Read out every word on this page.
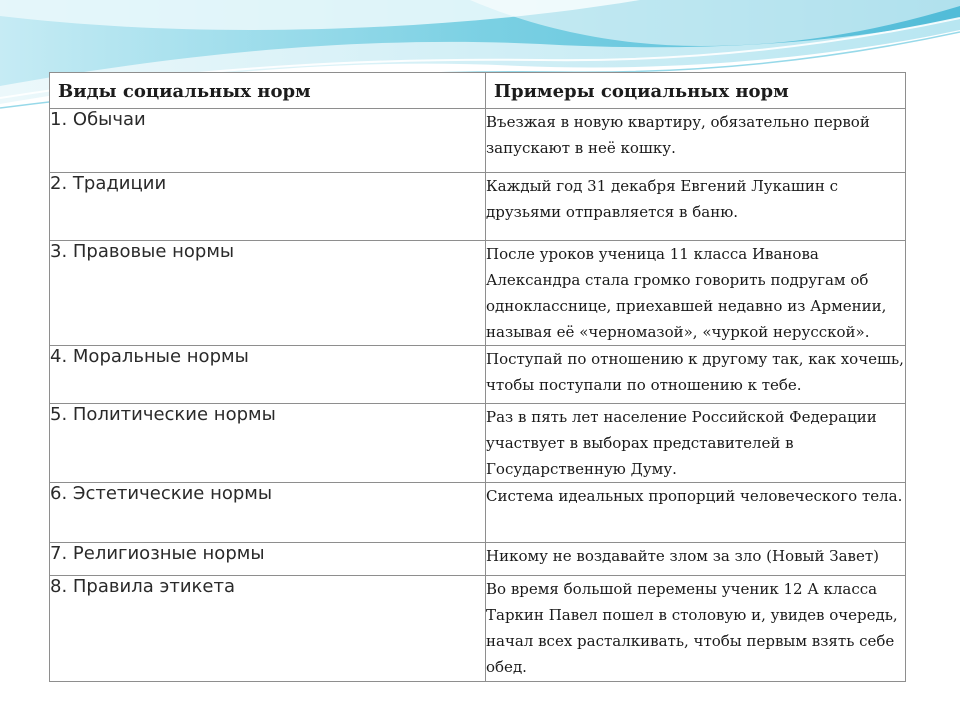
Виды социальных норм	Примеры социальных норм
1. Обычаи	Въезжая в новую квартиру, обязательно первой запускают в неё кошку.
2. Традиции	Каждый год 31 декабря Евгений Лукашин с друзьями отправляется в баню.
3. Правовые нормы	После уроков ученица 11 класса Иванова Александра стала громко говорить подругам об однокласснице, приехавшей недавно из Армении, называя её «черномазой», «чуркой нерусской».
4. Моральные нормы	Поступай по отношению к другому так, как хочешь, чтобы поступали по отношению к тебе.
5. Политические нормы	Раз в пять лет население Российской Федерации участвует в выборах представителей в Государственную Думу.
6. Эстетические нормы	Система идеальных пропорций человеческого тела.
7. Религиозные нормы	Никому не воздавайте злом за зло (Новый Завет)
8. Правила этикета	Во время большой перемены ученик 12 А класса Таркин Павел пошел в столовую и, увидев очередь, начал всех расталкивать, чтобы первым взять себе обед.
